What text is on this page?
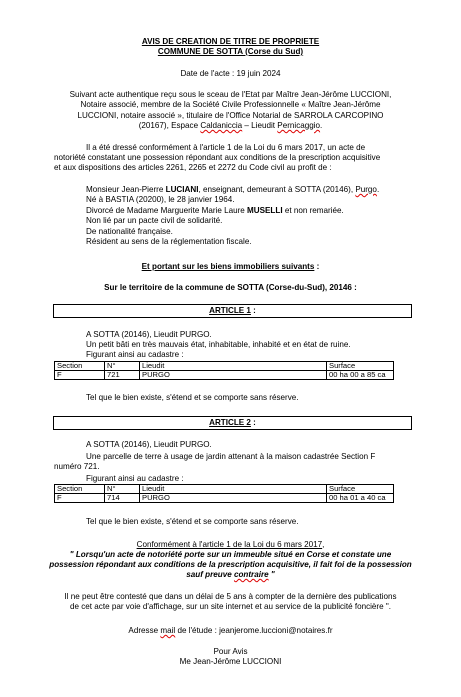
AVIS DE CREATION DE TITRE DE PROPRIETE
COMMUNE DE SOTTA (Corse du Sud)
Date de l'acte : 19 juin 2024
Suivant acte authentique reçu sous le sceau de l'Etat par Maître Jean-Jérôme LUCCIONI,
Notaire associé, membre de la Société Civile Professionnelle « Maître Jean-Jérôme
LUCCIONI, notaire associé », titulaire de l'Office Notarial de SARROLA CARCOPINO
(20167), Espace Caldaniccia – Lieudit Pernicaggio.
Il a été dressé conformément à l'article 1 de la Loi du 6 mars 2017, un acte de
notoriété constatant une possession répondant aux conditions de la prescription acquisitive
et aux dispositions des articles 2261, 2265 et 2272 du Code civil au profit de :
Monsieur Jean-Pierre LUCIANI, enseignant, demeurant à SOTTA (20146), Purgo.
Né à BASTIA (20200), le 28 janvier 1964.
Divorcé de Madame Marguerite Marie Laure MUSELLI et non remariée.
Non lié par un pacte civil de solidarité.
De nationalité française.
Résident au sens de la réglementation fiscale.
Et portant sur les biens immobiliers suivants :
Sur le territoire de la commune de SOTTA (Corse-du-Sud), 20146 :
ARTICLE 1 :
A SOTTA (20146), Lieudit PURGO.
Un petit bâti en très mauvais état, inhabitable, inhabité et en état de ruine.
Figurant ainsi au cadastre :
Section	N°	Lieudit	Surface
F	721	PURGO	00 ha 00 a 85 ca
Tel que le bien existe, s'étend et se comporte sans réserve.
ARTICLE 2 :
A SOTTA (20146), Lieudit PURGO.
Une parcelle de terre à usage de jardin attenant à la maison cadastrée Section F
numéro 721.
Figurant ainsi au cadastre :
Section	N°	Lieudit	Surface
F	714	PURGO	00 ha 01 a 40 ca
Tel que le bien existe, s'étend et se comporte sans réserve.
Conformément à l'article 1 de la Loi du 6 mars 2017,
" Lorsqu'un acte de notoriété porte sur un immeuble situé en Corse et constate une
possession répondant aux conditions de la prescription acquisitive, il fait foi de la possession
sauf preuve contraire "
Il ne peut être contesté que dans un délai de 5 ans à compter de la dernière des publications
de cet acte par voie d'affichage, sur un site internet et au service de la publicité foncière ".
Adresse mail de l'étude : jeanjerome.luccioni@notaires.fr
Pour Avis
Me Jean-Jérôme LUCCIONI
